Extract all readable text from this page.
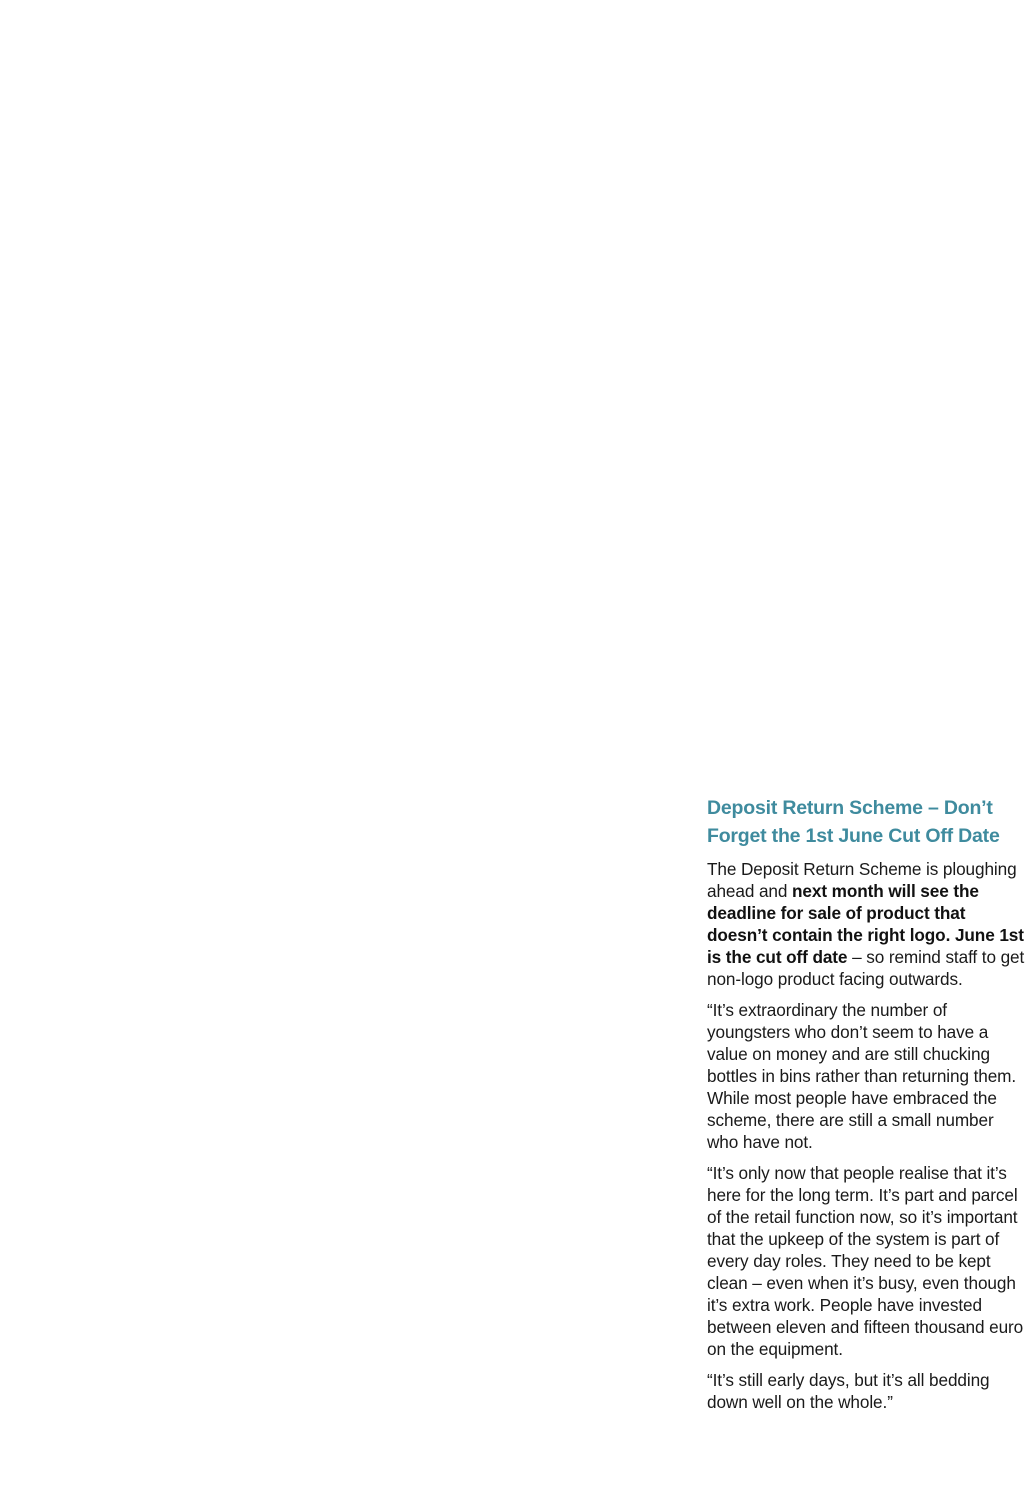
Deposit Return Scheme – Don’t
Forget the 1st June Cut Off Date

The Deposit Return Scheme is ploughing ahead and next month will see the deadline for sale of product that doesn’t contain the right logo. June 1st is the cut off date – so remind staff to get non-logo product facing outwards.

“It’s extraordinary the number of youngsters who don’t seem to have a value on money and are still chucking bottles in bins rather than returning them. While most people have embraced the scheme, there are still a small number who have not.

“It’s only now that people realise that it’s here for the long term. It’s part and parcel of the retail function now, so it’s important that the upkeep of the system is part of every day roles. They need to be kept clean – even when it’s busy, even though it’s extra work. People have invested between eleven and fifteen thousand euro on the equipment.

“It’s still early days, but it’s all bedding down well on the whole.”
